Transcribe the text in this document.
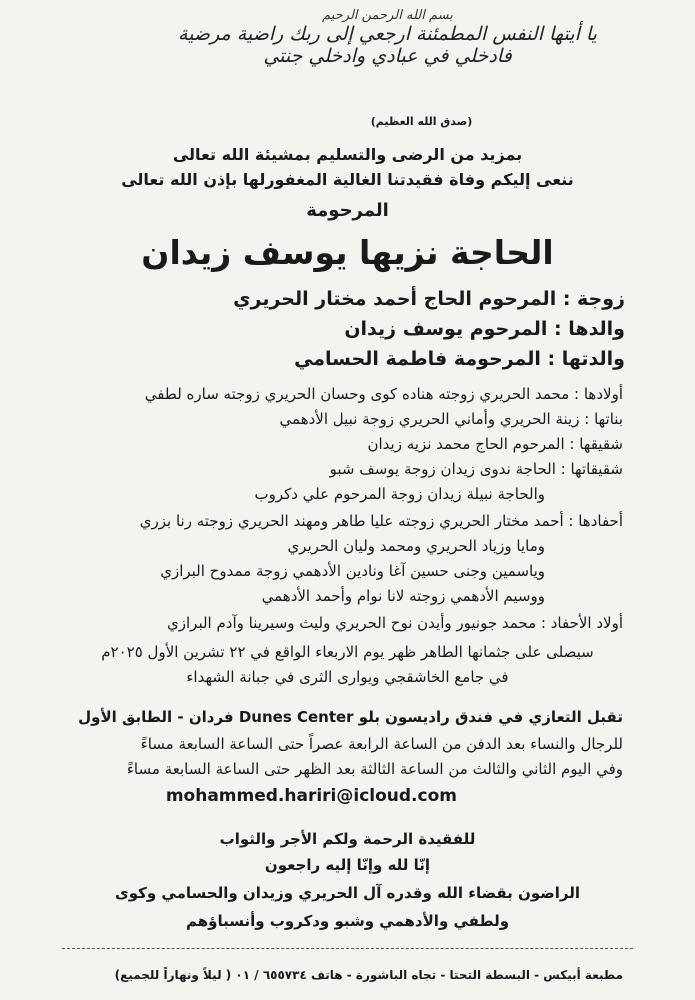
بسم الله الرحمن الرحيم
يا أيتها النفس المطمئنة ارجعي إلى ربك راضية مرضية
فادخلي في عبادي وادخلي جنتي
(صدق الله العظيم)
بمزيد من الرضى والتسليم بمشيئة الله تعالى
ننعى إليكم وفاة فقيدتنا الغالية المغفورلها بإذن الله تعالى
المرحومة
الحاجة نزيها يوسف زيدان
زوجة : المرحوم الحاج أحمد مختار الحريري
والدها : المرحوم يوسف زيدان
والدتها : المرحومة فاطمة الحسامي
أولادها : محمد الحريري زوجته هناده كوى وحسان الحريري زوجته ساره لطفي
بناتها : زينة الحريري وأماني الحريري زوجة نبيل الأدهمي
شقيقها : المرحوم الحاج محمد نزيه زيدان
شقيقاتها : الحاجة ندوى زيدان زوجة يوسف شبو
والحاجة نبيلة زيدان زوجة المرحوم علي دكروب
أحفادها : أحمد مختار الحريري زوجته عليا طاهر ومهند الحريري زوجته رنا بزري
ومايا وزياد الحريري ومحمد وليان الحريري
وياسمين وجنى حسين آغا ونادين الأدهمي زوجة ممدوح البرازي
ووسيم الأدهمي زوجته لانا نوام وأحمد الأدهمي
أولاد الأحفاد : محمد جونيور وأيدن نوح الحريري وليث وسيرينا وآدم البرازي
سيصلى على جثمانها الطاهر ظهر يوم الاربعاء الواقع في ٢٢ تشرين الأول ٢٠٢٥م
في جامع الخاشقجي ويوارى الثرى في جبانة الشهداء
تقبل التعازي في فندق راديسون بلو Dunes Center فردان - الطابق الأول
للرجال والنساء بعد الدفن من الساعة الرابعة عصراً حتى الساعة السابعة مساءً
وفي اليوم الثاني والثالث من الساعة الثالثة بعد الظهر حتى الساعة السابعة مساءً
mohammed.hariri@icloud.com
للفقيدة الرحمة ولكم الأجر والثواب
إنّا لله وإنّا إليه راجعون
الراضون بقضاء الله وقدره آل الحريري وزيدان والحسامي وكوى
ولطفي والأدهمي وشبو ودكروب وأنسباؤهم
مطبعة أبيكس - البسطة التحتا - تجاه الباشورة - هاتف ٦٥٥٧٣٤ / ٠١ ( ليلاً ونهاراً للجميع)
